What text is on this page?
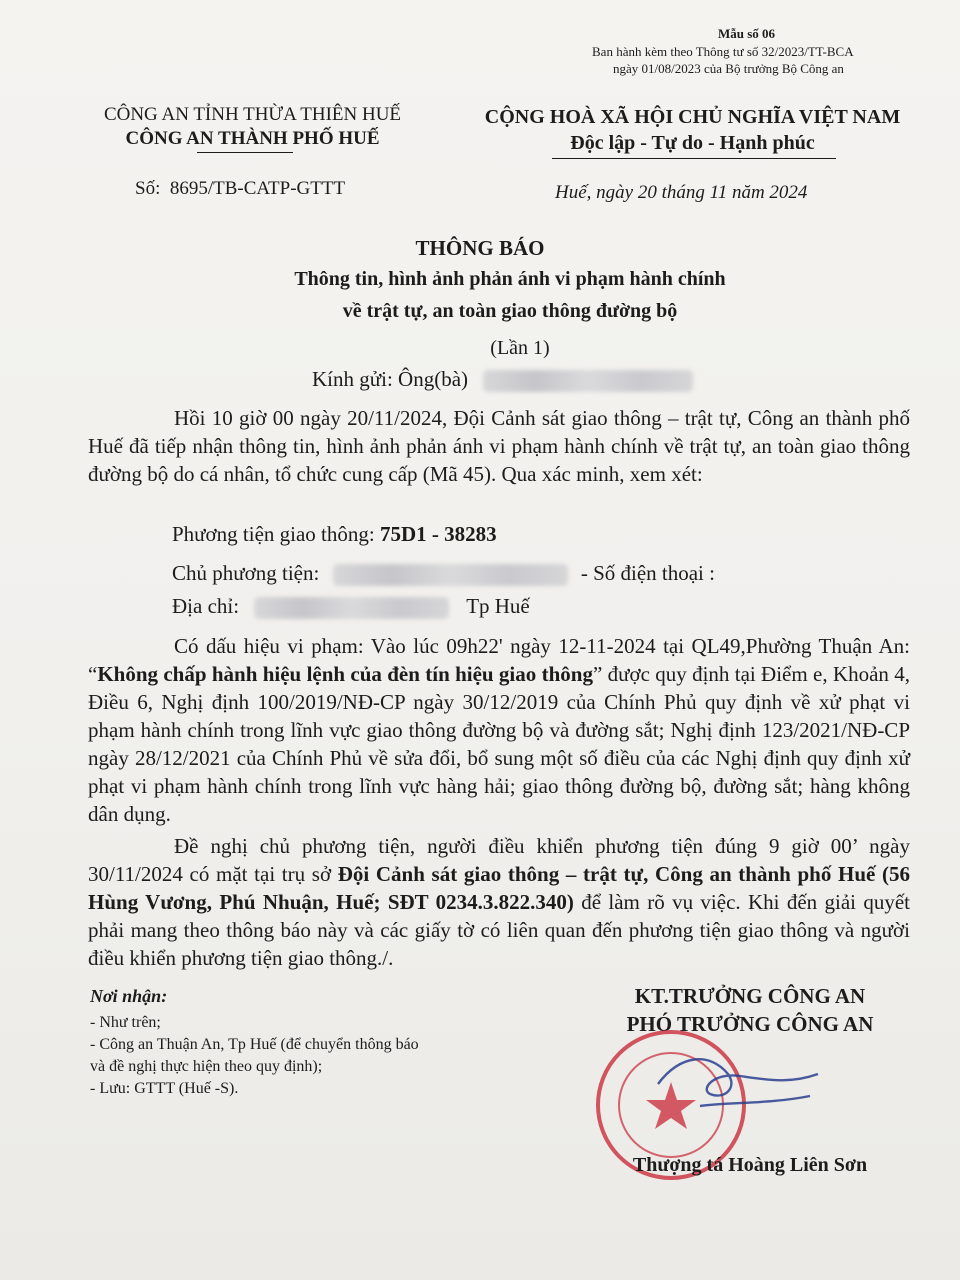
Mẫu số 06
Ban hành kèm theo Thông tư số 32/2023/TT-BCA
ngày 01/08/2023 của Bộ trưởng Bộ Công an
CÔNG AN TỈNH THỪA THIÊN HUẾ
CÔNG AN THÀNH PHỐ HUẾ
Số: 8695/TB-CATP-GTTT
CỘNG HOÀ XÃ HỘI CHỦ NGHĨA VIỆT NAM
Độc lập - Tự do - Hạnh phúc
Huế, ngày 20 tháng 11 năm 2024
THÔNG BÁO
Thông tin, hình ảnh phản ánh vi phạm hành chính
về trật tự, an toàn giao thông đường bộ
(Lần 1)
Kính gửi: Ông(bà)

Hồi 10 giờ 00 ngày 20/11/2024, Đội Cảnh sát giao thông – trật tự, Công an thành phố Huế đã tiếp nhận thông tin, hình ảnh phản ánh vi phạm hành chính về trật tự, an toàn giao thông đường bộ do cá nhân, tổ chức cung cấp (Mã 45). Qua xác minh, xem xét:

Phương tiện giao thông: 75D1 - 38283
Chủ phương tiện:	- Số điện thoại :
Địa chỉ:	Tp Huế

Có dấu hiệu vi phạm: Vào lúc 09h22' ngày 12-11-2024 tại QL49,Phường Thuận An: “Không chấp hành hiệu lệnh của đèn tín hiệu giao thông” được quy định tại Điểm e, Khoản 4, Điều 6, Nghị định 100/2019/NĐ-CP ngày 30/12/2019 của Chính Phủ quy định về xử phạt vi phạm hành chính trong lĩnh vực giao thông đường bộ và đường sắt; Nghị định 123/2021/NĐ-CP ngày 28/12/2021 của Chính Phủ về sửa đổi, bổ sung một số điều của các Nghị định quy định xử phạt vi phạm hành chính trong lĩnh vực hàng hải; giao thông đường bộ, đường sắt; hàng không dân dụng.

Đề nghị chủ phương tiện, người điều khiển phương tiện đúng 9 giờ 00’ ngày 30/11/2024 có mặt tại trụ sở Đội Cảnh sát giao thông – trật tự, Công an thành phố Huế (56 Hùng Vương, Phú Nhuận, Huế; SĐT 0234.3.822.340) để làm rõ vụ việc. Khi đến giải quyết phải mang theo thông báo này và các giấy tờ có liên quan đến phương tiện giao thông và người điều khiển phương tiện giao thông./.

Nơi nhận:
- Như trên;
- Công an Thuận An, Tp Huế (để chuyển thông báo
và đề nghị thực hiện theo quy định);
- Lưu: GTTT (Huế -S).
KT.TRƯỞNG CÔNG AN
PHÓ TRƯỞNG CÔNG AN
Thượng tá Hoàng Liên Sơn
